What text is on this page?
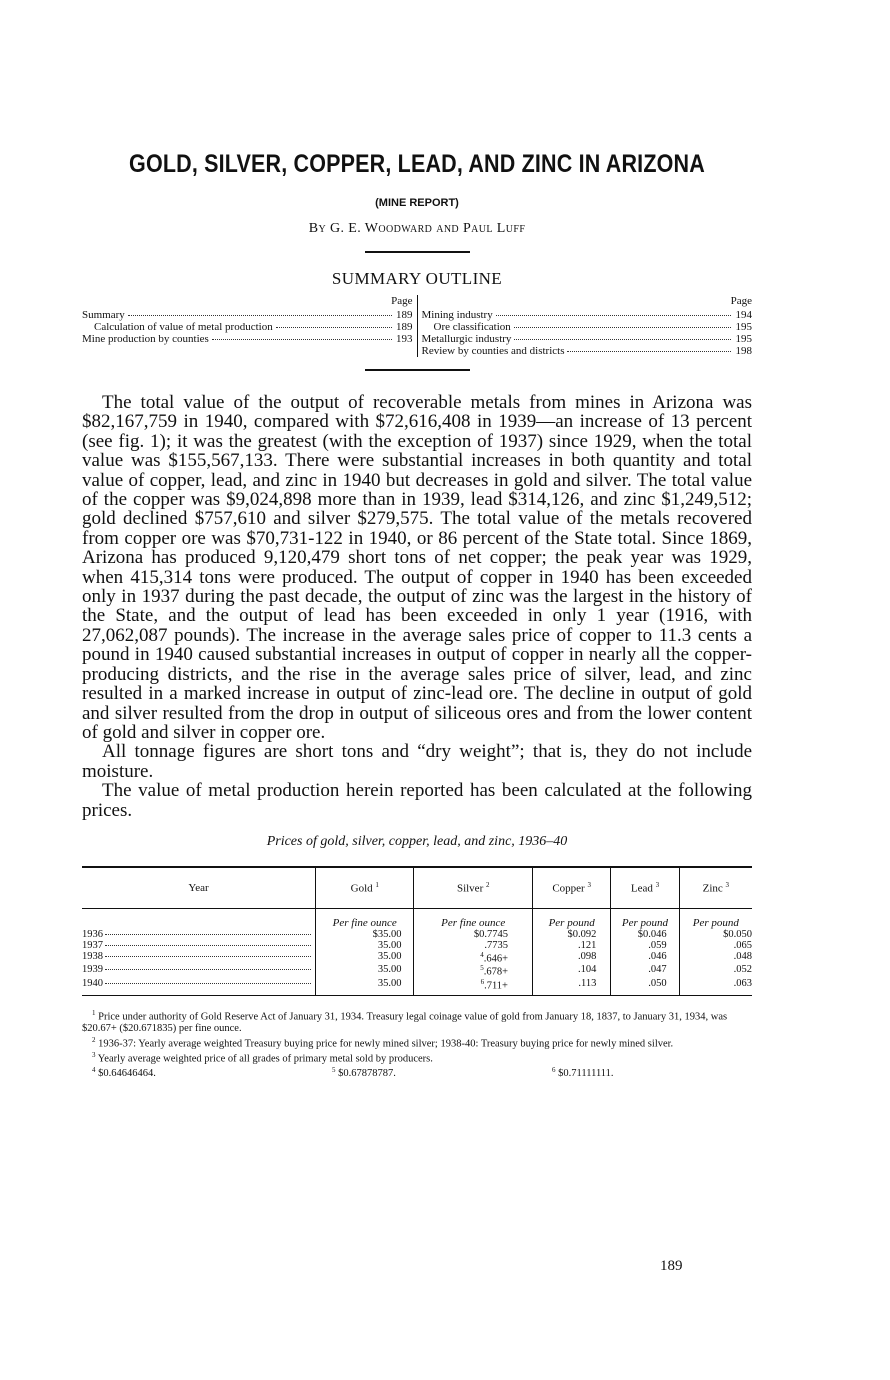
GOLD, SILVER, COPPER, LEAD, AND ZINC IN ARIZONA
(MINE REPORT)
By G. E. Woodward and Paul Luff
SUMMARY OUTLINE
Page
Summary	189
Calculation of value of metal production	189
Mine production by counties	193
Page
Mining industry	194
Ore classification	195
Metallurgic industry	195
Review by counties and districts	198

The total value of the output of recoverable metals from mines in Arizona was $82,167,759 in 1940, compared with $72,616,408 in 1939—an increase of 13 percent (see fig. 1); it was the greatest (with the exception of 1937) since 1929, when the total value was $155,567,133. There were substantial increases in both quantity and total value of copper, lead, and zinc in 1940 but decreases in gold and silver. The total value of the copper was $9,024,898 more than in 1939, lead $314,126, and zinc $1,249,512; gold declined $757,610 and silver $279,575. The total value of the metals recovered from copper ore was $70,731-122 in 1940, or 86 percent of the State total. Since 1869, Arizona has produced 9,120,479 short tons of net copper; the peak year was 1929, when 415,314 tons were produced. The output of copper in 1940 has been exceeded only in 1937 during the past decade, the output of zinc was the largest in the history of the State, and the output of lead has been exceeded in only 1 year (1916, with 27,062,087 pounds). The increase in the average sales price of copper to 11.3 cents a pound in 1940 caused substantial increases in output of copper in nearly all the copper-producing districts, and the rise in the average sales price of silver, lead, and zinc resulted in a marked increase in output of zinc-lead ore. The decline in output of gold and silver resulted from the drop in output of siliceous ores and from the lower content of gold and silver in copper ore.

All tonnage figures are short tons and “dry weight”; that is, they do not include moisture.

The value of metal production herein reported has been calculated at the following prices.

Prices of gold, silver, copper, lead, and zinc, 1936–40
Year	Gold $^1$	Silver $^2$	Copper $^3$	Lead $^3$	Zinc $^3$
	Per fine ounce	Per fine ounce	Per pound	Per pound	Per pound

1936	$35.00	$0.7745	$0.092	$0.046	$0.050

1937	35.00	.7735	.121	.059	.065

1938	35.00	$^4$.646+	.098	.046	.048

1939	35.00	$^5$.678+	.104	.047	.052

1940	35.00	$^6$.711+	.113	.050	.063

$^1$ Price under authority of Gold Reserve Act of January 31, 1934. Treasury legal coinage value of gold from January 18, 1837, to January 31, 1934, was $20.67+ ($20.671835) per fine ounce.

$^2$ 1936-37: Yearly average weighted Treasury buying price for newly mined silver; 1938-40: Treasury buying price for newly mined silver.

$^3$ Yearly average weighted price of all grades of primary metal sold by producers.

$^4$ $0.64646464.	$^5$ $0.67878787.	$^6$ $0.71111111.
189
